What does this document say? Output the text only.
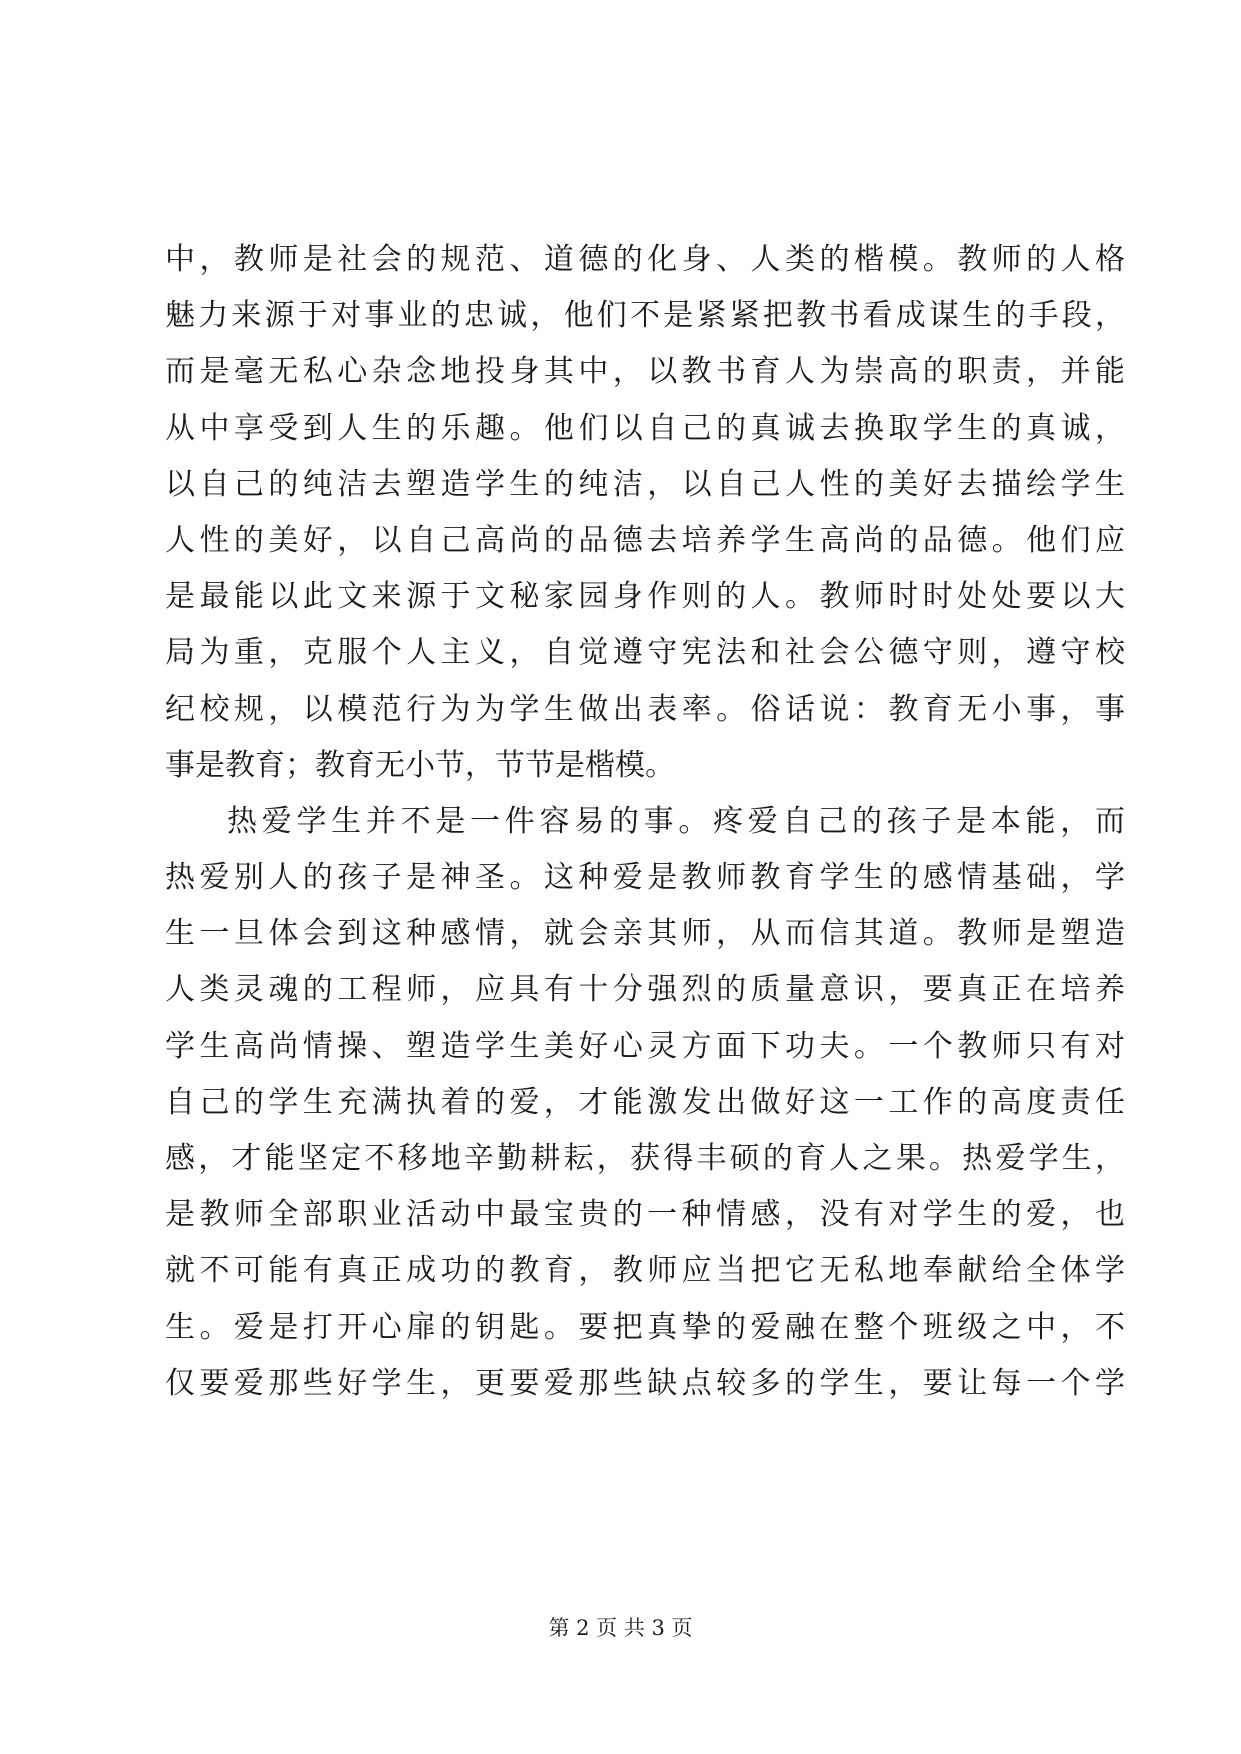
中，教师是社会的规范、道德的化身、人类的楷模。教师的人格
魅力来源于对事业的忠诚，他们不是紧紧把教书看成谋生的手段，
而是毫无私心杂念地投身其中，以教书育人为崇高的职责，并能
从中享受到人生的乐趣。他们以自己的真诚去换取学生的真诚，
以自己的纯洁去塑造学生的纯洁，以自己人性的美好去描绘学生
人性的美好，以自己高尚的品德去培养学生高尚的品德。他们应
是最能以此文来源于文秘家园身作则的人。教师时时处处要以大
局为重，克服个人主义，自觉遵守宪法和社会公德守则，遵守校
纪校规，以模范行为为学生做出表率。俗话说：教育无小事，事
事是教育；教育无小节，节节是楷模。
热爱学生并不是一件容易的事。疼爱自己的孩子是本能，而
热爱别人的孩子是神圣。这种爱是教师教育学生的感情基础，学
生一旦体会到这种感情，就会亲其师，从而信其道。教师是塑造
人类灵魂的工程师，应具有十分强烈的质量意识，要真正在培养
学生高尚情操、塑造学生美好心灵方面下功夫。一个教师只有对
自己的学生充满执着的爱，才能激发出做好这一工作的高度责任
感，才能坚定不移地辛勤耕耘，获得丰硕的育人之果。热爱学生，
是教师全部职业活动中最宝贵的一种情感，没有对学生的爱，也
就不可能有真正成功的教育，教师应当把它无私地奉献给全体学
生。爱是打开心扉的钥匙。要把真挚的爱融在整个班级之中，不
仅要爱那些好学生，更要爱那些缺点较多的学生，要让每一个学
第 2 页 共 3 页
